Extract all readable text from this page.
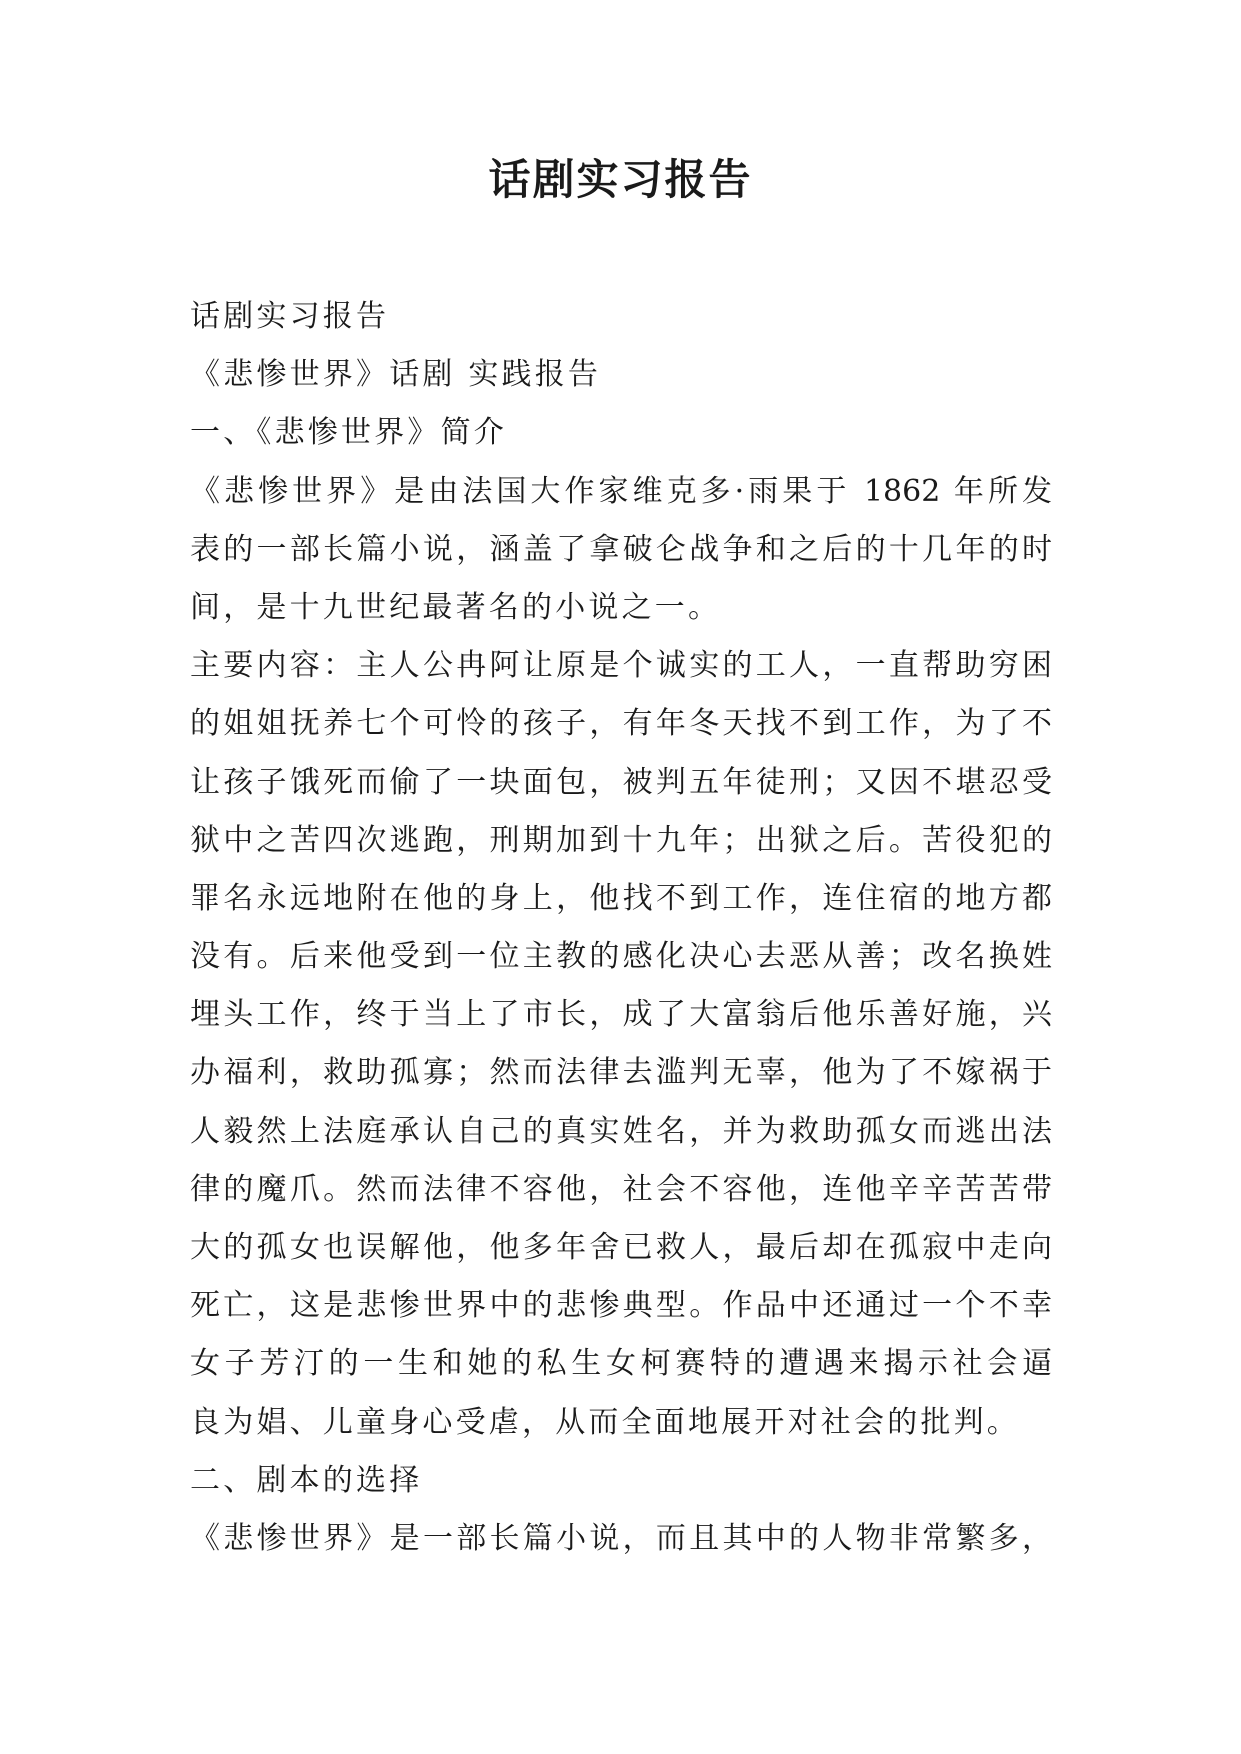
话剧实习报告

话剧实习报告

《悲惨世界》话剧 实践报告

一、《悲惨世界》简介

《悲惨世界》是由法国大作家维克多·雨果于 1862 年所发

表的一部长篇小说，涵盖了拿破仑战争和之后的十几年的时

间，是十九世纪最著名的小说之一。

主要内容：主人公冉阿让原是个诚实的工人，一直帮助穷困

的姐姐抚养七个可怜的孩子，有年冬天找不到工作，为了不

让孩子饿死而偷了一块面包，被判五年徒刑；又因不堪忍受

狱中之苦四次逃跑，刑期加到十九年；出狱之后。苦役犯的

罪名永远地附在他的身上，他找不到工作，连住宿的地方都

没有。后来他受到一位主教的感化决心去恶从善；改名换姓

埋头工作，终于当上了市长，成了大富翁后他乐善好施，兴

办福利，救助孤寡；然而法律去滥判无辜，他为了不嫁祸于

人毅然上法庭承认自己的真实姓名，并为救助孤女而逃出法

律的魔爪。然而法律不容他，社会不容他，连他辛辛苦苦带

大的孤女也误解他，他多年舍已救人，最后却在孤寂中走向

死亡，这是悲惨世界中的悲惨典型。作品中还通过一个不幸

女子芳汀的一生和她的私生女柯赛特的遭遇来揭示社会逼

良为娼、儿童身心受虐，从而全面地展开对社会的批判。

二、剧本的选择

《悲惨世界》是一部长篇小说，而且其中的人物非常繁多，
